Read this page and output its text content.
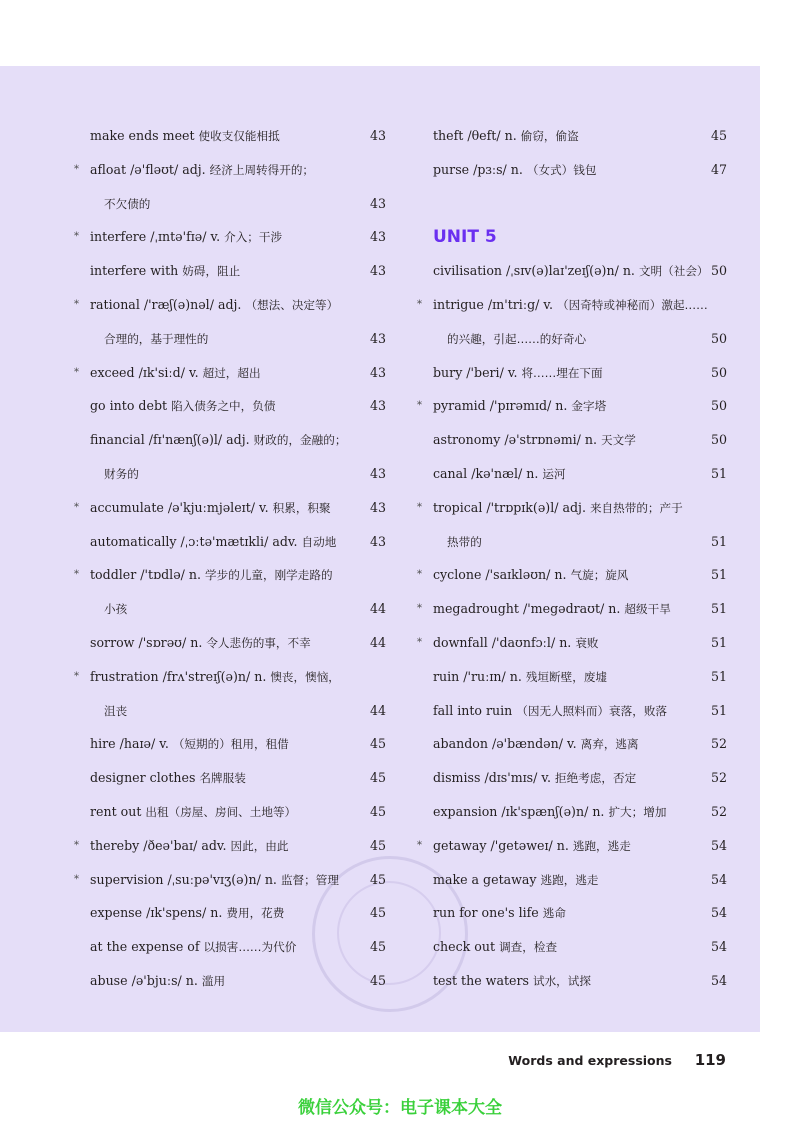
make ends meet 使收支仅能相抵	43
* afloat /ə'fləʊt/ adj. 经济上周转得开的；
不欠债的	43
* interfere /ˌɪntə'fɪə/ v. 介入；干涉	43
interfere with 妨碍，阻止	43
* rational /'ræʃ(ə)nəl/ adj. （想法、决定等）
合理的，基于理性的	43
* exceed /ɪk'siːd/ v. 超过，超出	43
go into debt 陷入债务之中，负债	43
financial /fɪ'nænʃ(ə)l/ adj. 财政的，金融的；
财务的	43
* accumulate /ə'kjuːmjəleɪt/ v. 积累，积聚	43
automatically /ˌɔːtə'mætɪkli/ adv. 自动地	43
* toddler /'tɒdlə/ n. 学步的儿童，刚学走路的
小孩	44
sorrow /'sɒrəʊ/ n. 令人悲伤的事，不幸	44
* frustration /frʌ'streɪʃ(ə)n/ n. 懊丧，懊恼，
沮丧	44
hire /haɪə/ v. （短期的）租用，租借	45
designer clothes 名牌服装	45
rent out 出租（房屋、房间、土地等）	45
* thereby /ðeə'baɪ/ adv. 因此，由此	45
* supervision /ˌsuːpə'vɪʒ(ə)n/ n. 监督；管理	45
expense /ɪk'spens/ n. 费用，花费	45
at the expense of 以损害……为代价	45
abuse /ə'bjuːs/ n. 滥用	45
theft /θeft/ n. 偷窃，偷盗	45
purse /pɜːs/ n. （女式）钱包	47
UNIT 5
civilisation /ˌsɪv(ə)laɪ'zeɪʃ(ə)n/ n. 文明（社会） 50
* intrigue /ɪn'triːg/ v. （因奇特或神秘而）激起……
的兴趣，引起……的好奇心	50
bury /'beri/ v. 将……埋在下面	50
* pyramid /'pɪrəmɪd/ n. 金字塔	50
astronomy /ə'strɒnəmi/ n. 天文学	50
canal /kə'næl/ n. 运河	51
* tropical /'trɒpɪk(ə)l/ adj. 来自热带的；产于
热带的	51
* cyclone /'saɪkləʊn/ n. 气旋；旋风	51
* megadrought /'megədraʊt/ n. 超级干旱	51
* downfall /'daʊnfɔːl/ n. 衰败	51
ruin /'ruːɪn/ n. 残垣断壁，废墟	51
fall into ruin （因无人照料而）衰落，败落	51
abandon /ə'bændən/ v. 离弃，逃离	52
dismiss /dɪs'mɪs/ v. 拒绝考虑，否定	52
expansion /ɪk'spænʃ(ə)n/ n. 扩大；增加	52
* getaway /'getəweɪ/ n. 逃跑，逃走	54
make a getaway 逃跑，逃走	54
run for one's life 逃命	54
check out 调查，检查	54
test the waters 试水，试探	54
Words and expressions 119
微信公众号：电子课本大全
